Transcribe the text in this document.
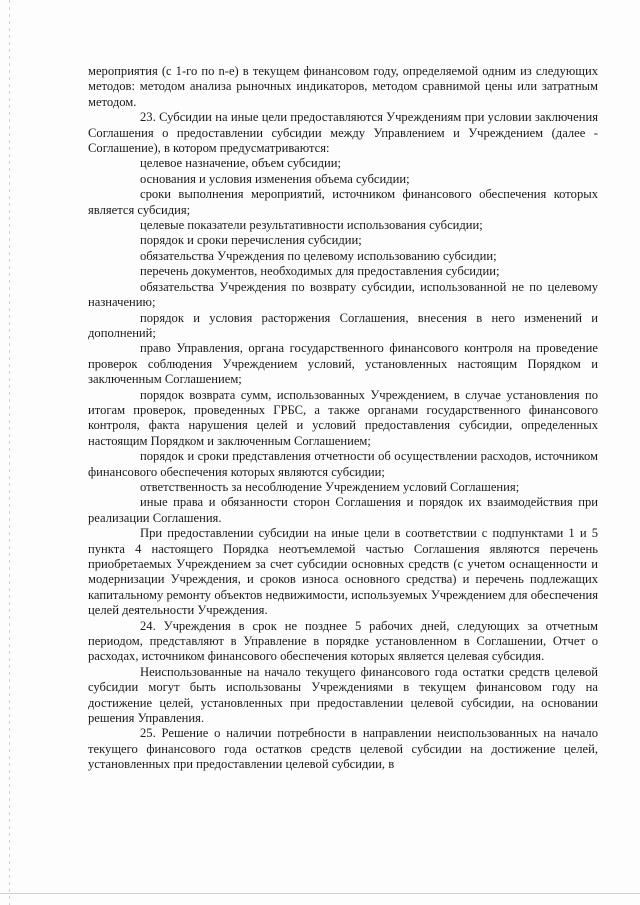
мероприятия (с 1-го по n-е) в текущем финансовом году, определяемой одним из следующих методов: методом анализа рыночных индикаторов, методом сравнимой цены или затратным методом.

23. Субсидии на иные цели предоставляются Учреждениям при условии заключения Соглашения о предоставлении субсидии между Управлением и Учреждением (далее - Соглашение), в котором предусматриваются:

целевое назначение, объем субсидии;

основания и условия изменения объема субсидии;

сроки выполнения мероприятий, источником финансового обеспечения которых является субсидия;

целевые показатели результативности использования субсидии;

порядок и сроки перечисления субсидии;

обязательства Учреждения по целевому использованию субсидии;

перечень документов, необходимых для предоставления субсидии;

обязательства Учреждения по возврату субсидии, использованной не по целевому назначению;

порядок и условия расторжения Соглашения, внесения в него изменений и дополнений;

право Управления, органа государственного финансового контроля на проведение проверок соблюдения Учреждением условий, установленных настоящим Порядком и заключенным Соглашением;

порядок возврата сумм, использованных Учреждением, в случае установления по итогам проверок, проведенных ГРБС, а также органами государственного финансового контроля, факта нарушения целей и условий предоставления субсидии, определенных настоящим Порядком и заключенным Соглашением;

порядок и сроки представления отчетности об осуществлении расходов, источником финансового обеспечения которых являются субсидии;

ответственность за несоблюдение Учреждением условий Соглашения;

иные права и обязанности сторон Соглашения и порядок их взаимодействия при реализации Соглашения.

При предоставлении субсидии на иные цели в соответствии с подпунктами 1 и 5 пункта 4 настоящего Порядка неотъемлемой частью Соглашения являются перечень приобретаемых Учреждением за счет субсидии основных средств (с учетом оснащенности и модернизации Учреждения, и сроков износа основного средства) и перечень подлежащих капитальному ремонту объектов недвижимости, используемых Учреждением для обеспечения целей деятельности Учреждения.

24. Учреждения в срок не позднее 5 рабочих дней, следующих за отчетным периодом, представляют в Управление в порядке установленном в Соглашении, Отчет о расходах, источником финансового обеспечения которых является целевая субсидия.

Неиспользованные на начало текущего финансового года остатки средств целевой субсидии могут быть использованы Учреждениями в текущем финансовом году на достижение целей, установленных при предоставлении целевой субсидии, на основании решения Управления.

25. Решение о наличии потребности в направлении неиспользованных на начало текущего финансового года остатков средств целевой субсидии на достижение целей, установленных при предоставлении целевой субсидии, в
